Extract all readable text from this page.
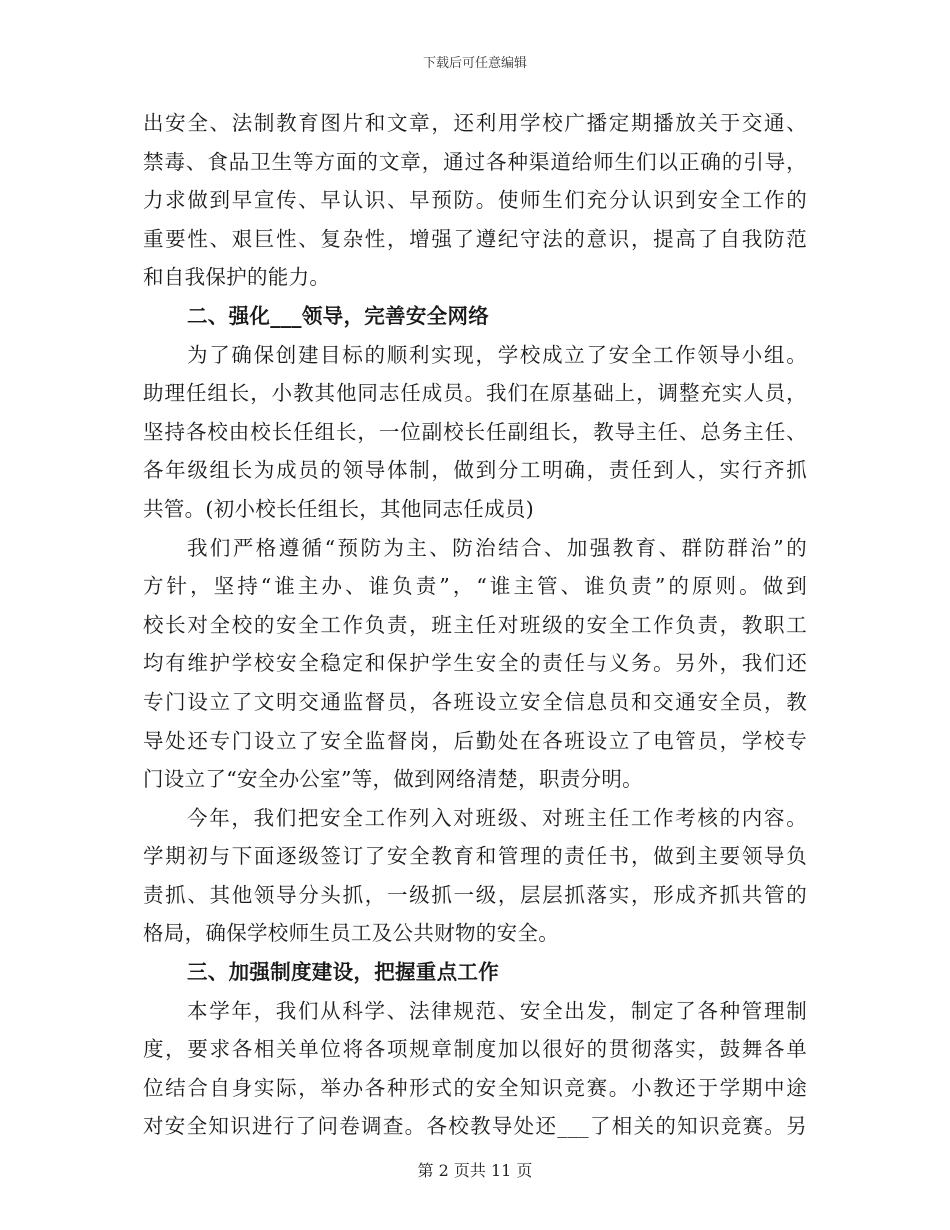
下载后可任意编辑
出安全、法制教育图片和文章，还利用学校广播定期播放关于交通、
禁毒、食品卫生等方面的文章，通过各种渠道给师生们以正确的引导，
力求做到早宣传、早认识、早预防。使师生们充分认识到安全工作的
重要性、艰巨性、复杂性，增强了遵纪守法的意识，提高了自我防范
和自我保护的能力。
二、强化___领导，完善安全网络
为了确保创建目标的顺利实现，学校成立了安全工作领导小组。
助理任组长，小教其他同志任成员。我们在原基础上，调整充实人员，
坚持各校由校长任组长，一位副校长任副组长，教导主任、总务主任、
各年级组长为成员的领导体制，做到分工明确，责任到人，实行齐抓
共管。(初小校长任组长，其他同志任成员)
我们严格遵循“预防为主、防治结合、加强教育、群防群治”的
方针，坚持“谁主办、谁负责”，“谁主管、谁负责”的原则。做到
校长对全校的安全工作负责，班主任对班级的安全工作负责，教职工
均有维护学校安全稳定和保护学生安全的责任与义务。另外，我们还
专门设立了文明交通监督员，各班设立安全信息员和交通安全员，教
导处还专门设立了安全监督岗，后勤处在各班设立了电管员，学校专
门设立了“安全办公室”等，做到网络清楚，职责分明。
今年，我们把安全工作列入对班级、对班主任工作考核的内容。
学期初与下面逐级签订了安全教育和管理的责任书，做到主要领导负
责抓、其他领导分头抓，一级抓一级，层层抓落实，形成齐抓共管的
格局，确保学校师生员工及公共财物的安全。
三、加强制度建设，把握重点工作
本学年，我们从科学、法律规范、安全出发，制定了各种管理制
度，要求各相关单位将各项规章制度加以很好的贯彻落实，鼓舞各单
位结合自身实际，举办各种形式的安全知识竞赛。小教还于学期中途
对安全知识进行了问卷调查。各校教导处还___了相关的知识竞赛。另
第 2 页共 11 页
